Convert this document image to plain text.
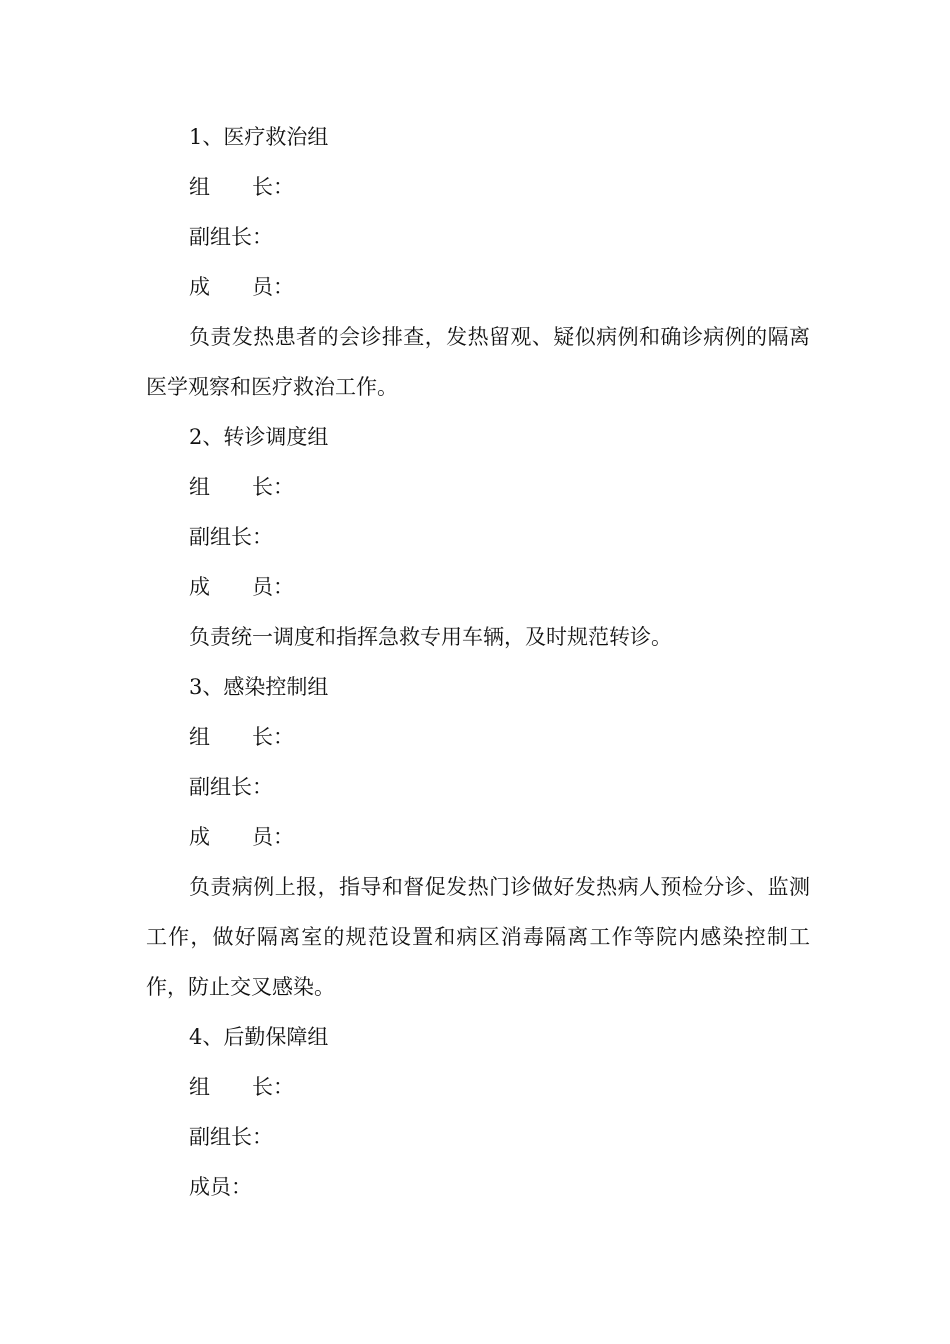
1、医疗救治组
组　　长：
副组长：
成　　员：
负责发热患者的会诊排查，发热留观、疑似病例和确诊病例的隔离医学观察和医疗救治工作。
2、转诊调度组
组　　长：
副组长：
成　　员：
负责统一调度和指挥急救专用车辆，及时规范转诊。
3、感染控制组
组　　长：
副组长：
成　　员：
负责病例上报，指导和督促发热门诊做好发热病人预检分诊、监测工作，做好隔离室的规范设置和病区消毒隔离工作等院内感染控制工作，防止交叉感染。
4、后勤保障组
组　　长：
副组长：
成员：
